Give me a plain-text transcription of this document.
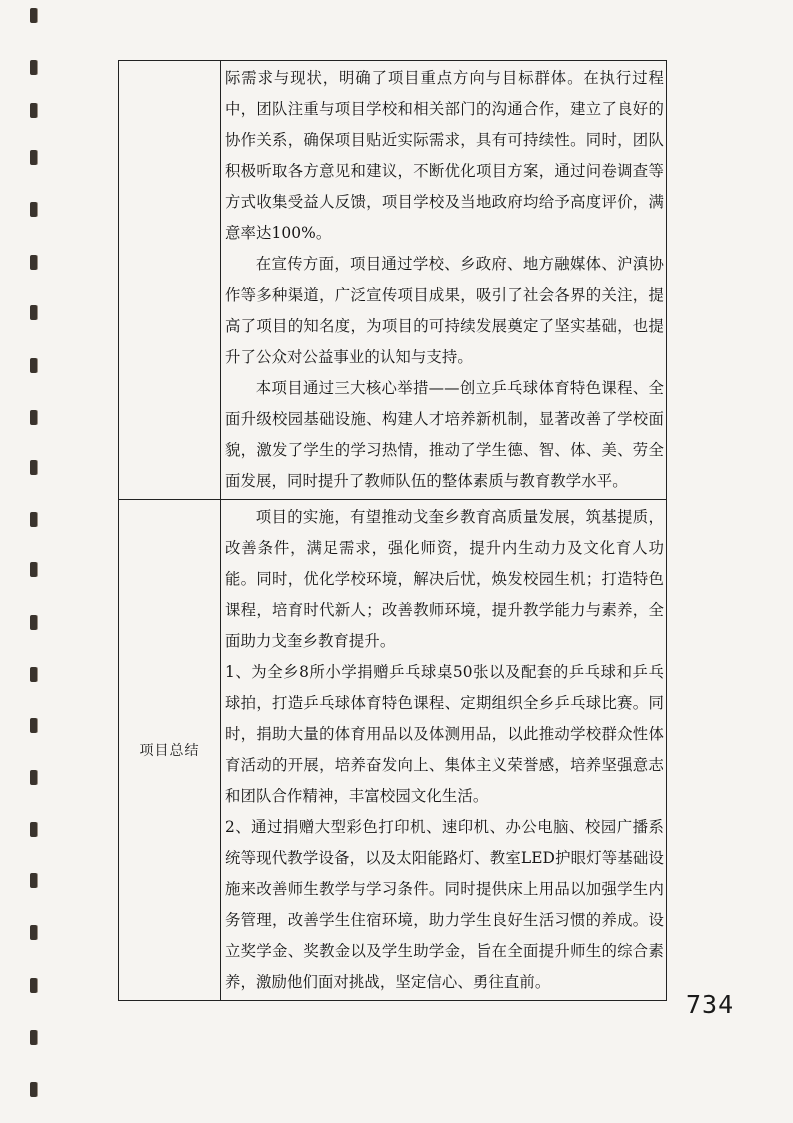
	际需求与现状，明确了项目重点方向与目标群体。在执行过程中，团队注重与项目学校和相关部门的沟通合作，建立了良好的协作关系，确保项目贴近实际需求，具有可持续性。同时，团队积极听取各方意见和建议，不断优化项目方案，通过问卷调查等方式收集受益人反馈，项目学校及当地政府均给予高度评价，满意率达100%。

在宣传方面，项目通过学校、乡政府、地方融媒体、沪滇协作等多种渠道，广泛宣传项目成果，吸引了社会各界的关注，提高了项目的知名度，为项目的可持续发展奠定了坚实基础，也提升了公众对公益事业的认知与支持。

本项目通过三大核心举措——创立乒乓球体育特色课程、全面升级校园基础设施、构建人才培养新机制，显著改善了学校面貌，激发了学生的学习热情，推动了学生德、智、体、美、劳全面发展，同时提升了教师队伍的整体素质与教育教学水平。

项目总结	项目的实施，有望推动戈奎乡教育高质量发展，筑基提质，改善条件，满足需求，强化师资，提升内生动力及文化育人功能。同时，优化学校环境，解决后忧，焕发校园生机；打造特色课程，培育时代新人；改善教师环境，提升教学能力与素养，全面助力戈奎乡教育提升。

1、为全乡8所小学捐赠乒乓球桌50张以及配套的乒乓球和乒乓球拍，打造乒乓球体育特色课程、定期组织全乡乒乓球比赛。同时，捐助大量的体育用品以及体测用品，以此推动学校群众性体育活动的开展，培养奋发向上、集体主义荣誉感，培养坚强意志和团队合作精神，丰富校园文化生活。

2、通过捐赠大型彩色打印机、速印机、办公电脑、校园广播系统等现代教学设备，以及太阳能路灯、教室LED护眼灯等基础设施来改善师生教学与学习条件。同时提供床上用品以加强学生内务管理，改善学生住宿环境，助力学生良好生活习惯的养成。设立奖学金、奖教金以及学生助学金，旨在全面提升师生的综合素养，激励他们面对挑战，坚定信心、勇往直前。

734
